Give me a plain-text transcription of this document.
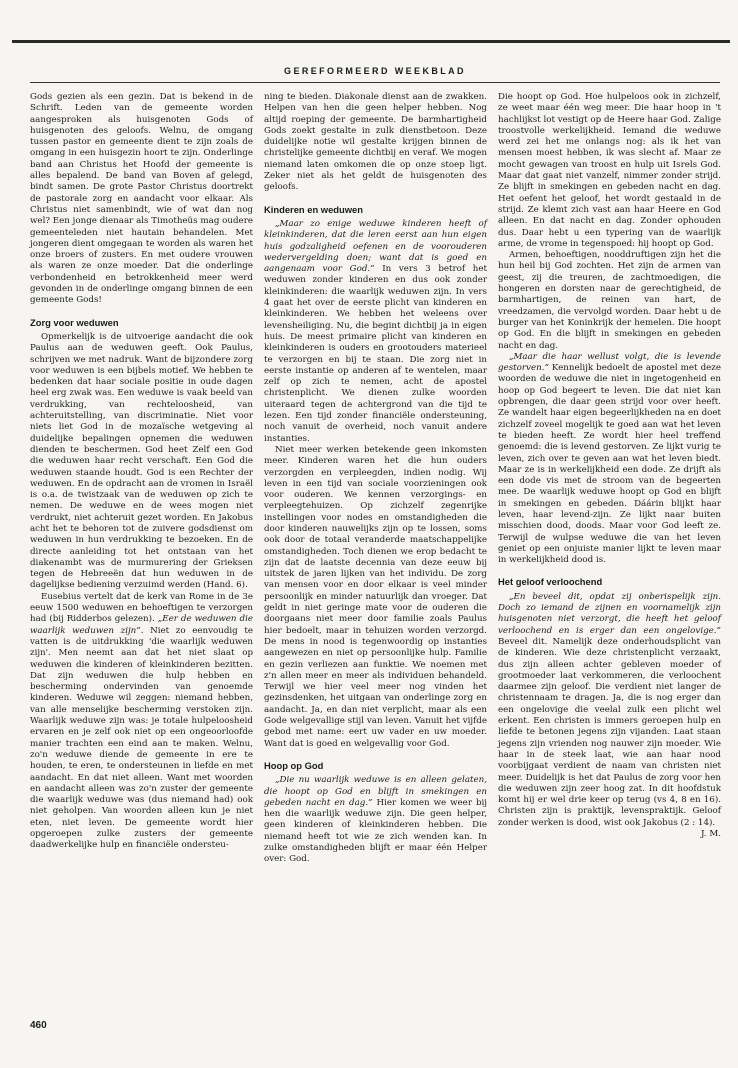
GEREFORMEERD WEEKBLAD

Gods gezien als een gezin. Dat is bekend in de Schrift. Leden van de gemeente worden aangesproken als huisgenoten Gods of huisgenoten des geloofs. Welnu, de omgang tussen pastor en gemeente dient te zijn zoals de omgang in een huisgezin hoort te zijn. Onderlinge band aan Christus het Hoofd der gemeente is alles bepalend. De band van Boven af gelegd, bindt samen. De grote Pastor Christus doortrekt de pastorale zorg en aandacht voor elkaar. Als Christus niet samenbindt, wie of wat dan nog wel? Een jonge dienaar als Timotheüs mag oudere gemeenteleden niet hautain behandelen. Met jongeren dient omgegaan te worden als waren het onze broers of zusters. En met oudere vrouwen als waren ze onze moeder. Dat die onderlinge verbondenheid en betrokkenheid meer werd gevonden in de onderlinge omgang binnen de een gemeente Gods!

Zorg voor weduwen

Opmerkelijk is de uitvoerige aandacht die ook Paulus aan de weduwen geeft. Ook Paulus, schrijven we met nadruk. Want de bijzondere zorg voor weduwen is een bijbels motief. We hebben te bedenken dat haar sociale positie in oude dagen heel erg zwak was. Een weduwe is vaak beeld van verdrukking, van rechteloosheid, van achteruitstelling, van discriminatie. Niet voor niets liet God in de mozaïsche wetgeving al duidelijke bepalingen opnemen die weduwen dienden te beschermen. God heet Zelf een God die weduwen haar recht verschaft. Een God die weduwen staande houdt. God is een Rechter der weduwen. En de opdracht aan de vromen in Israël is o.a. de twistzaak van de weduwen op zich te nemen. De weduwe en de wees mogen niet verdrukt, niet achteruit gezet worden. En Jakobus acht het te behoren tot de zuivere godsdienst om weduwen in hun verdrukking te bezoeken. En de directe aanleiding tot het ontstaan van het diakenambt was de murmurering der Grieksen tegen de Hebreeën dat hun weduwen in de dagelijkse bediening verzuimd werden (Hand. 6).

Eusebius vertelt dat de kerk van Rome in de 3e eeuw 1500 weduwen en behoeftigen te verzorgen had (bij Ridderbos gelezen). „Eer de weduwen die waarlijk weduwen zijn”. Niet zo eenvoudig te vatten is de uitdrukking 'die waarlijk weduwen zijn'. Men neemt aan dat het niet slaat op weduwen die kinderen of kleinkinderen bezitten. Dat zijn weduwen die hulp hebben en bescherming ondervinden van genoemde kinderen. Weduwe wil zeggen: niemand hebben, van alle menselijke bescherming verstoken zijn. Waarlijk weduwe zijn was: je totale hulpeloosheid ervaren en je zelf ook niet op een ongeoorloofde manier trachten een eind aan te maken. Welnu, zo'n weduwe diende de gemeente in ere te houden, te eren, te ondersteunen in liefde en met aandacht. En dat niet alleen. Want met woorden en aandacht alleen was zo'n zuster der gemeente die waarlijk weduwe was (dus niemand had) ook niet geholpen. Van woorden alleen kun je niet eten, niet leven. De gemeente wordt hier opgeroepen zulke zusters der gemeente daadwerkelijke hulp en financiële ondersteu-

ning te bieden. Diakonale dienst aan de zwakken. Helpen van hen die geen helper hebben. Nog altijd roeping der gemeente. De barmhartigheid Gods zoekt gestalte in zulk dienstbetoon. Deze duidelijke notie wil gestalte krijgen binnen de christelijke gemeente dichtbij en veraf. We mogen niemand laten omkomen die op onze stoep ligt. Zeker niet als het geldt de huisgenoten des geloofs.

Kinderen en weduwen

„Maar zo enige weduwe kinderen heeft of kleinkinderen, dat die leren eerst aan hun eigen huis godzaligheid oefenen en de voorouderen wedervergelding doen; want dat is goed en aangenaam voor God.” In vers 3 betrof het weduwen zonder kinderen en dus ook zonder kleinkinderen: die waarlijk weduwen zijn. In vers 4 gaat het over de eerste plicht van kinderen en kleinkinderen. We hebben het weleens over levensheiliging. Nu, die begint dichtbij ja in eigen huis. De meest primaire plicht van kinderen en kleinkinderen is ouders en grootouders materieel te verzorgen en bij te staan. Die zorg niet in eerste instantie op anderen af te wentelen, maar zelf op zich te nemen, acht de apostel christenplicht. We dienen zulke woorden uiteraard tegen de achtergrond van die tijd te lezen. Een tijd zonder financiële ondersteuning, noch vanuit de overheid, noch vanuit andere instanties.

Niet meer werken betekende geen inkomsten meer. Kinderen waren het die hun ouders verzorgden en verpleegden, indien nodig. Wij leven in een tijd van sociale voorzieningen ook voor ouderen. We kennen verzorgings- en verpleegtehuizen. Op zichzelf zegenrijke instellingen voor nodes en omstandigheden die door kinderen nauwelijks zijn op te lossen, soms ook door de totaal veranderde maatschappelijke omstandigheden. Toch dienen we erop bedacht te zijn dat de laatste decennia van deze eeuw bij uitstek de jaren lijken van het individu. De zorg van mensen voor en door elkaar is veel minder persoonlijk en minder natuurlijk dan vroeger. Dat geldt in niet geringe mate voor de ouderen die doorgaans niet meer door familie zoals Paulus hier bedoelt, maar in tehuizen worden verzorgd. De mens in nood is tegenwoordig op instanties aangewezen en niet op persoonlijke hulp. Familie en gezin verliezen aan funktie. We noemen met z'n allen meer en meer als individuen behandeld. Terwijl we hier veel meer nog vinden het gezinsdenken, het uitgaan van onderlinge zorg en aandacht. Ja, en dan niet verplicht, maar als een Gode welgevallige stijl van leven. Vanuit het vijfde gebod met name: eert uw vader en uw moeder. Want dat is goed en welgevallig voor God.

Hoop op God

„Die nu waarlijk weduwe is en alleen gelaten, die hoopt op God en blijft in smekingen en gebeden nacht en dag.” Hier komen we weer bij hen die waarlijk weduwe zijn. Die geen helper, geen kinderen of kleinkinderen hebben. Die niemand heeft tot wie ze zich wenden kan. In zulke omstandigheden blijft er maar één Helper over: God.

Die hoopt op God. Hoe hulpeloos ook in zichzelf, ze weet maar één weg meer. Die haar hoop in 't hachlijkst lot vestigt op de Heere haar God. Zalige troostvolle werkelijkheid. Iemand die weduwe werd zei het me onlangs nog: als ik het van mensen moest hebben, ik was slecht af. Maar ze mocht gewagen van troost en hulp uit Isrels God. Maar dat gaat niet vanzelf, nimmer zonder strijd. Ze blijft in smekingen en gebeden nacht en dag. Het oefent het geloof, het wordt gestaald in de strijd. Ze klemt zich vast aan haar Heere en God alleen. En dat nacht en dag. Zonder ophouden dus. Daar hebt u een typering van de waarlijk arme, de vrome in tegenspoed: hij hoopt op God.

Armen, behoeftigen, nooddruftigen zijn het die hun heil bij God zochten. Het zijn de armen van geest, zij die treuren, de zachtmoedigen, die hongeren en dorsten naar de gerechtigheid, de barmhartigen, de reinen van hart, de vreedzamen, die vervolgd worden. Daar hebt u de burger van het Koninkrijk der hemelen. Die hoopt op God. En die blijft in smekingen en gebeden nacht en dag.

„Maar die haar wellust volgt, die is levende gestorven.” Kennelijk bedoelt de apostel met deze woorden de weduwe die niet in ingetogenheid en hoop op God begeert te leven. Die dat niet kan opbrengen, die daar geen strijd voor over heeft. Ze wandelt haar eigen begeerlijkheden na en doet zichzelf zoveel mogelijk te goed aan wat het leven te bieden heeft. Ze wordt hier heel treffend genoemd: die is levend gestorven. Ze lijkt vurig te leven, zich over te geven aan wat het leven biedt. Maar ze is in werkelijkheid een dode. Ze drijft als een dode vis met de stroom van de begeerten mee. De waarlijk weduwe hoopt op God en blijft in smekingen en gebeden. Dáárin blijkt haar leven, haar levend-zijn. Ze lijkt naar buiten misschien dood, doods. Maar voor God leeft ze. Terwijl de wulpse weduwe die van het leven geniet op een onjuiste manier lijkt te leven maar in werkelijkheid dood is.

Het geloof verloochend

„En beveel dit, opdat zij onberispelijk zijn. Doch zo iemand de zijnen en voornamelijk zijn huisgenoten niet verzorgt, die heeft het geloof verloochend en is erger dan een ongelovige.” Beveel dit. Namelijk deze onderhoudsplicht van de kinderen. Wie deze christenplicht verzaakt, dus zijn alleen achter gebleven moeder of grootmoeder laat verkommeren, die verloochent daarmee zijn geloof. Die verdient niet langer de christennaam te dragen. Ja, die is nog erger dan een ongelovige die veelal zulk een plicht wel erkent. Een christen is immers geroepen hulp en liefde te betonen jegens zijn vijanden. Laat staan jegens zijn vrienden nog nauwer zijn moeder. Wie haar in de steek laat, wie aan haar nood voorbijgaat verdient de naam van christen niet meer. Duidelijk is het dat Paulus de zorg voor hen die weduwen zijn zeer hoog zat. In dit hoofdstuk komt hij er wel drie keer op terug (vs 4, 8 en 16). Christen zijn is praktijk, levenspraktijk. Geloof zonder werken is dood, wist ook Jakobus (2 : 14).

J. M.

460
